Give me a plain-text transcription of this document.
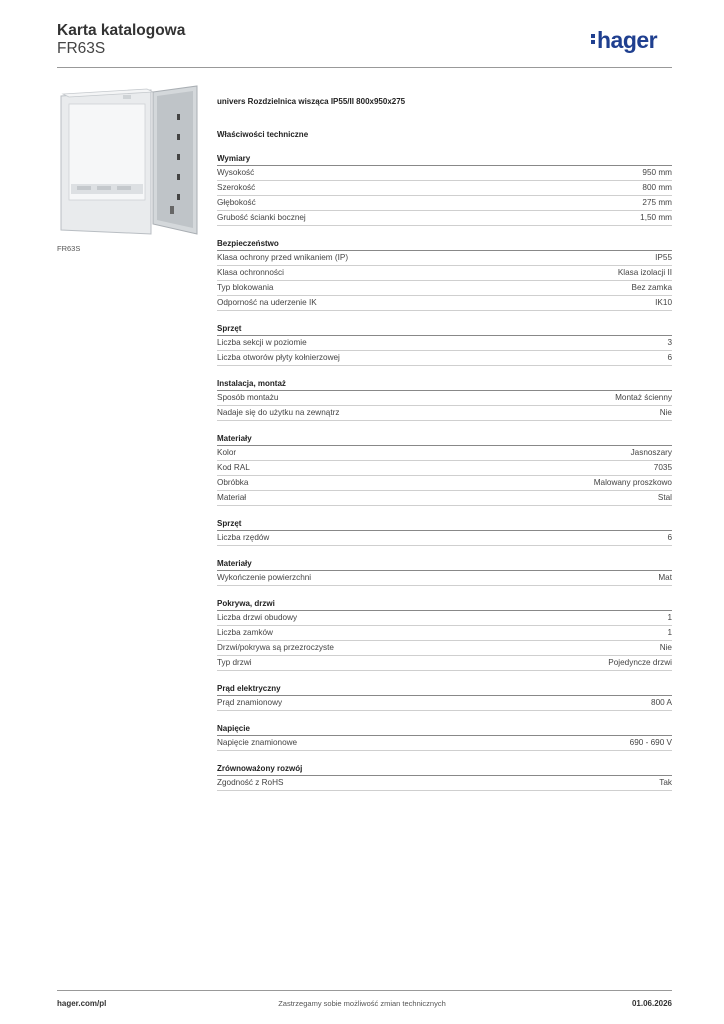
Karta katalogowa
FR63S	hager
FR63S
univers Rozdzielnica wisząca IP55/II 800x950x275
Właściwości techniczne
Wymiary
Wysokość	950 mm
Szerokość	800 mm
Głębokość	275 mm
Grubość ścianki bocznej	1,50 mm
Bezpieczeństwo
Klasa ochrony przed wnikaniem (IP)	IP55
Klasa ochronności	Klasa izolacji II
Typ blokowania	Bez zamka
Odporność na uderzenie IK	IK10
Sprzęt
Liczba sekcji w poziomie	3
Liczba otworów płyty kołnierzowej	6
Instalacja, montaż
Sposób montażu	Montaż ścienny
Nadaje się do użytku na zewnątrz	Nie
Materiały
Kolor	Jasnoszary
Kod RAL	7035
Obróbka	Malowany proszkowo
Materiał	Stal
Sprzęt
Liczba rzędów	6
Materiały
Wykończenie powierzchni	Mat
Pokrywa, drzwi
Liczba drzwi obudowy	1
Liczba zamków	1
Drzwi/pokrywa są przezroczyste	Nie
Typ drzwi	Pojedyncze drzwi
Prąd elektryczny
Prąd znamionowy	800 A
Napięcie
Napięcie znamionowe	690 - 690 V
Zrównoważony rozwój
Zgodność z RoHS	Tak
hager.com/pl	Zastrzegamy sobie możliwość zmian technicznych	01.06.2026
